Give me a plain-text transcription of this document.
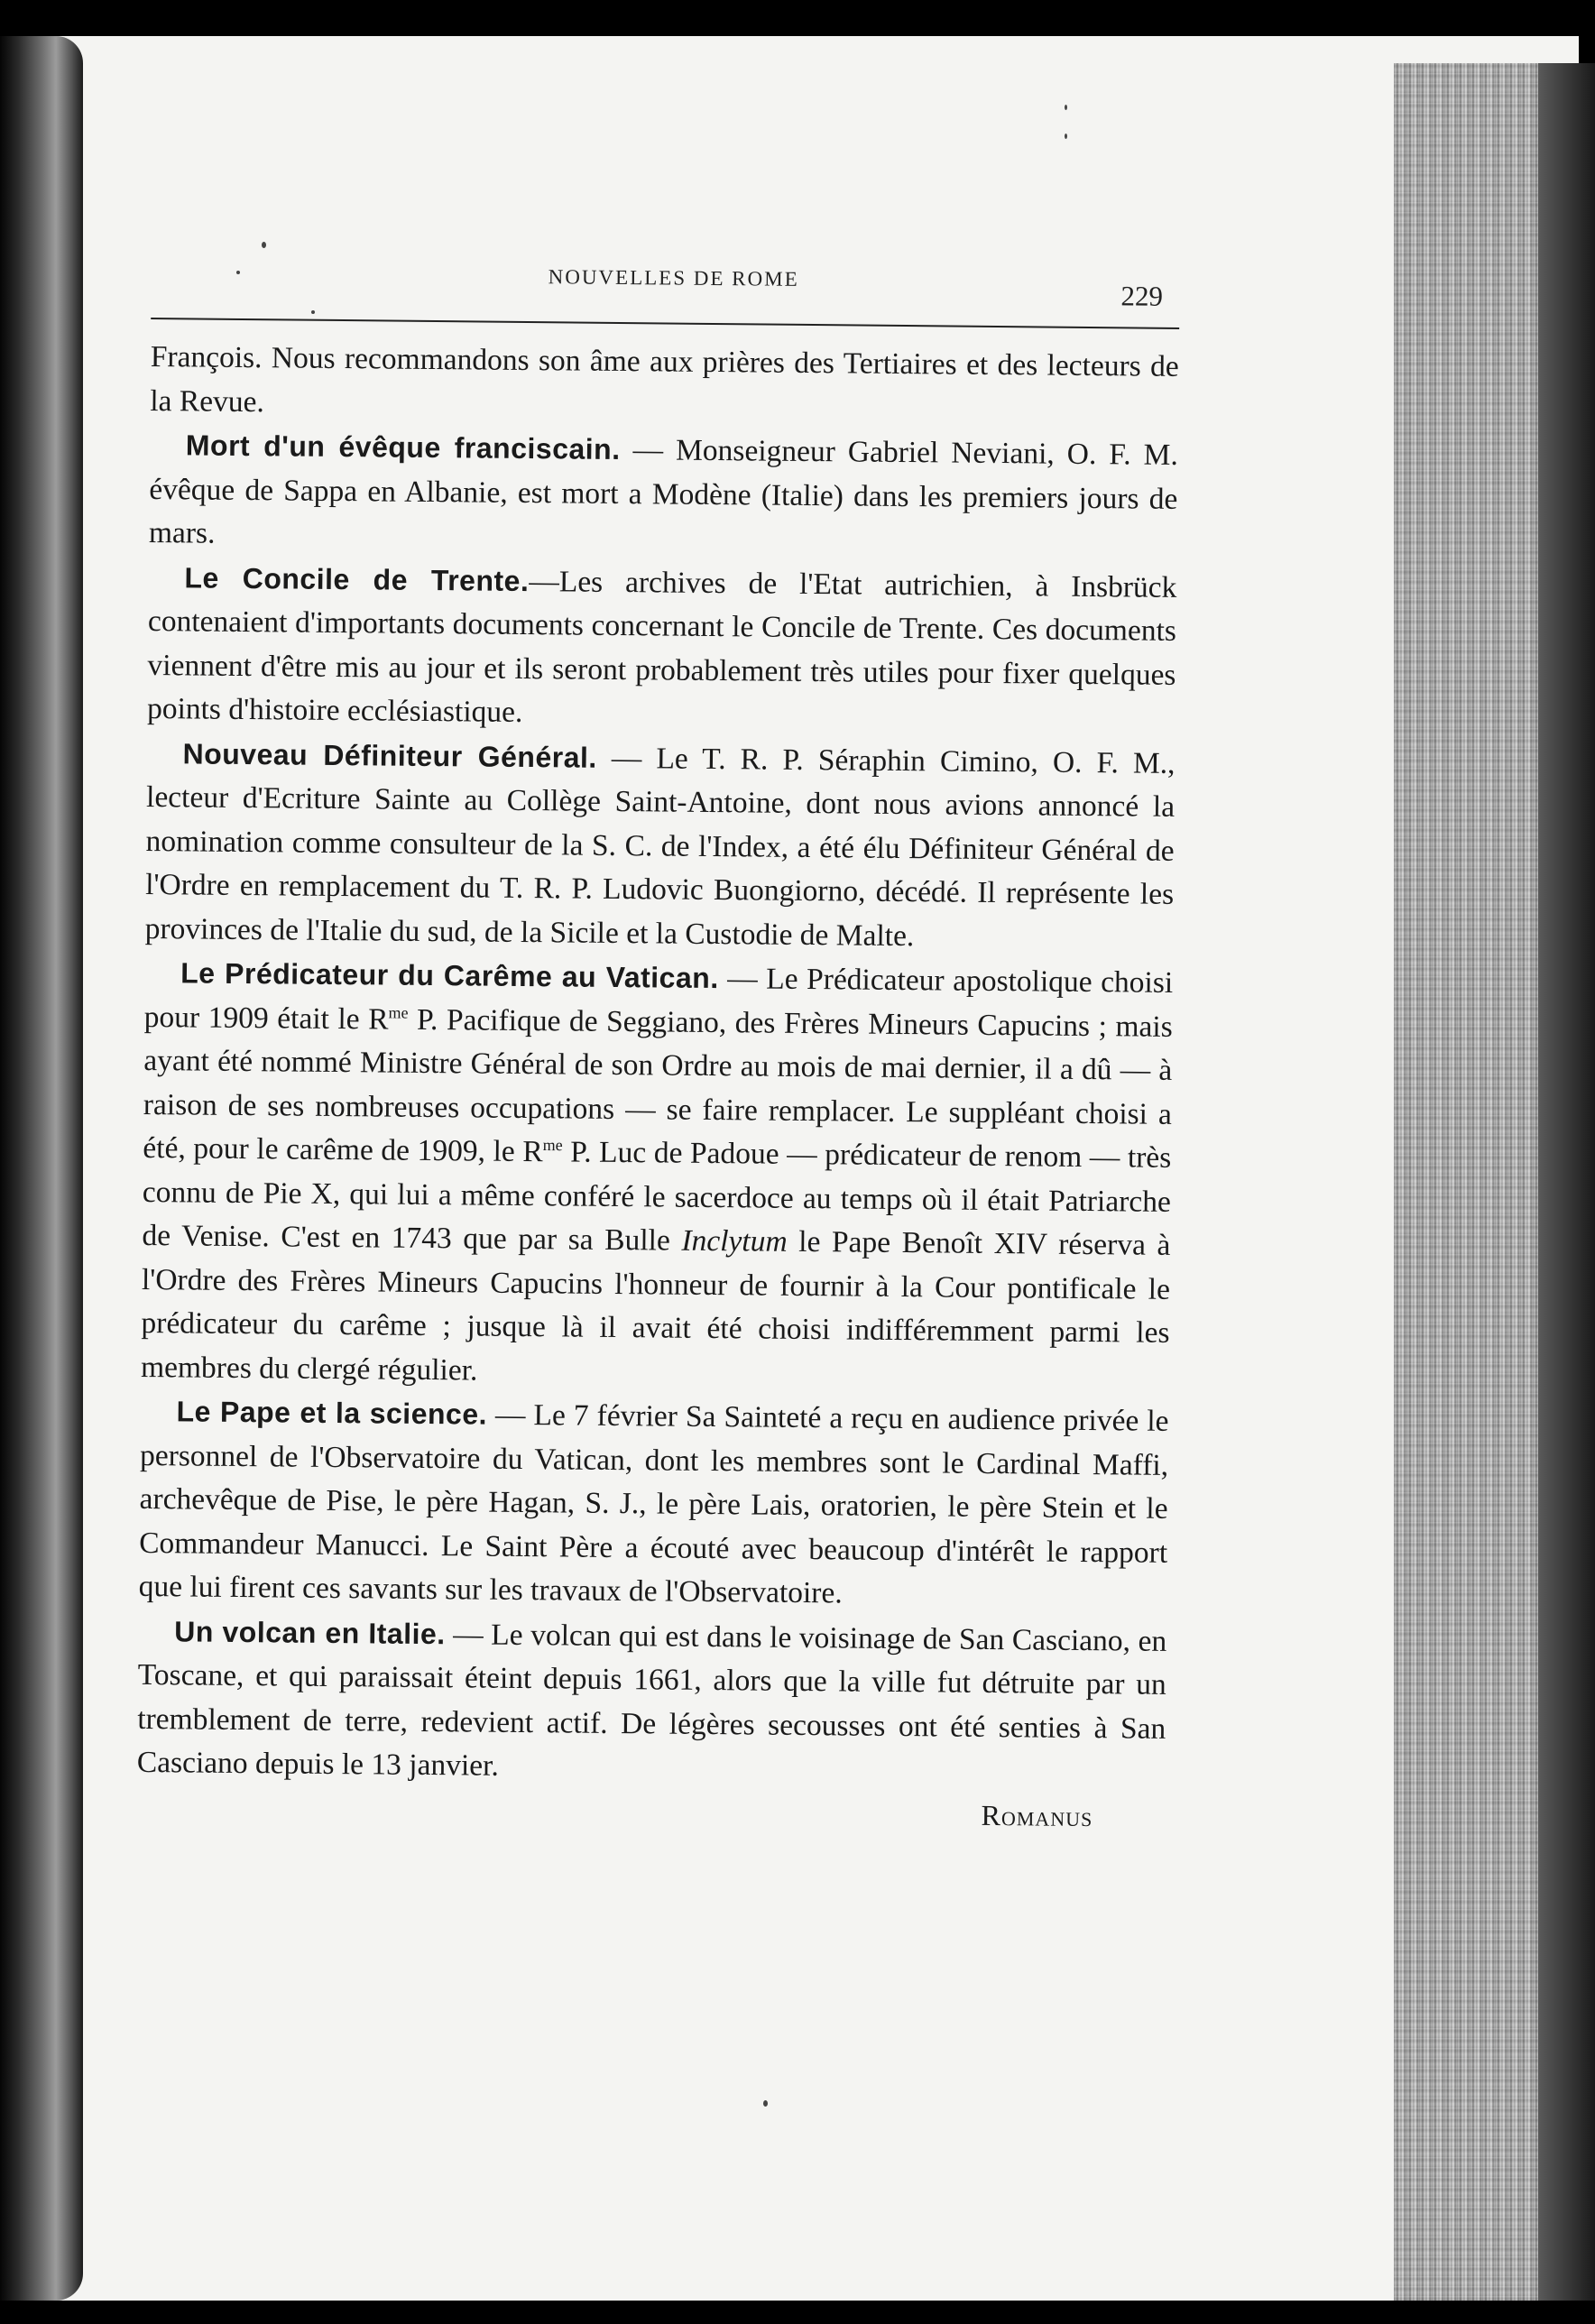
NOUVELLES DE ROME
229

François. Nous recommandons son âme aux prières des Tertiaires et des lecteurs de la Revue.

Mort d'un évêque franciscain. — Monseigneur Gabriel Neviani, O. F. M. évêque de Sappa en Albanie, est mort a Modène (Italie) dans les premiers jours de mars.

Le Concile de Trente.—Les archives de l'Etat autrichien, à Insbrück contenaient d'importants documents concernant le Concile de Trente. Ces documents viennent d'être mis au jour et ils seront probablement très utiles pour fixer quelques points d'histoire ecclésiastique.

Nouveau Définiteur Général. — Le T. R. P. Séraphin Cimino, O. F. M., lecteur d'Ecriture Sainte au Collège Saint-Antoine, dont nous avions annoncé la nomination comme consulteur de la S. C. de l'Index, a été élu Définiteur Général de l'Ordre en remplacement du T. R. P. Ludovic Buongiorno, décédé. Il représente les provinces de l'Italie du sud, de la Sicile et la Custodie de Malte.

Le Prédicateur du Carême au Vatican. — Le Prédicateur apostolique choisi pour 1909 était le $R^{me}$ P. Pacifique de Seggiano, des Frères Mineurs Capucins ; mais ayant été nommé Ministre Général de son Ordre au mois de mai dernier, il a dû — à raison de ses nombreuses occupations — se faire remplacer. Le suppléant choisi a été, pour le carême de 1909, le $R^{me}$ P. Luc de Padoue — prédicateur de renom — très connu de Pie X, qui lui a même conféré le sacerdoce au temps où il était Patriarche de Venise. C'est en 1743 que par sa Bulle Inclytum le Pape Benoît XIV réserva à l'Ordre des Frères Mineurs Capucins l'honneur de fournir à la Cour pontificale le prédicateur du carême ; jusque là il avait été choisi indifféremment parmi les membres du clergé régulier.

Le Pape et la science. — Le 7 février Sa Sainteté a reçu en audience privée le personnel de l'Observatoire du Vatican, dont les membres sont le Cardinal Maffi, archevêque de Pise, le père Hagan, S. J., le père Lais, oratorien, le père Stein et le Commandeur Manucci. Le Saint Père a écouté avec beaucoup d'intérêt le rapport que lui firent ces savants sur les travaux de l'Observatoire.

Un volcan en Italie. — Le volcan qui est dans le voisinage de San Casciano, en Toscane, et qui paraissait éteint depuis 1661, alors que la ville fut détruite par un tremblement de terre, redevient actif. De légères secousses ont été senties à San Casciano depuis le 13 janvier.

Romanus
